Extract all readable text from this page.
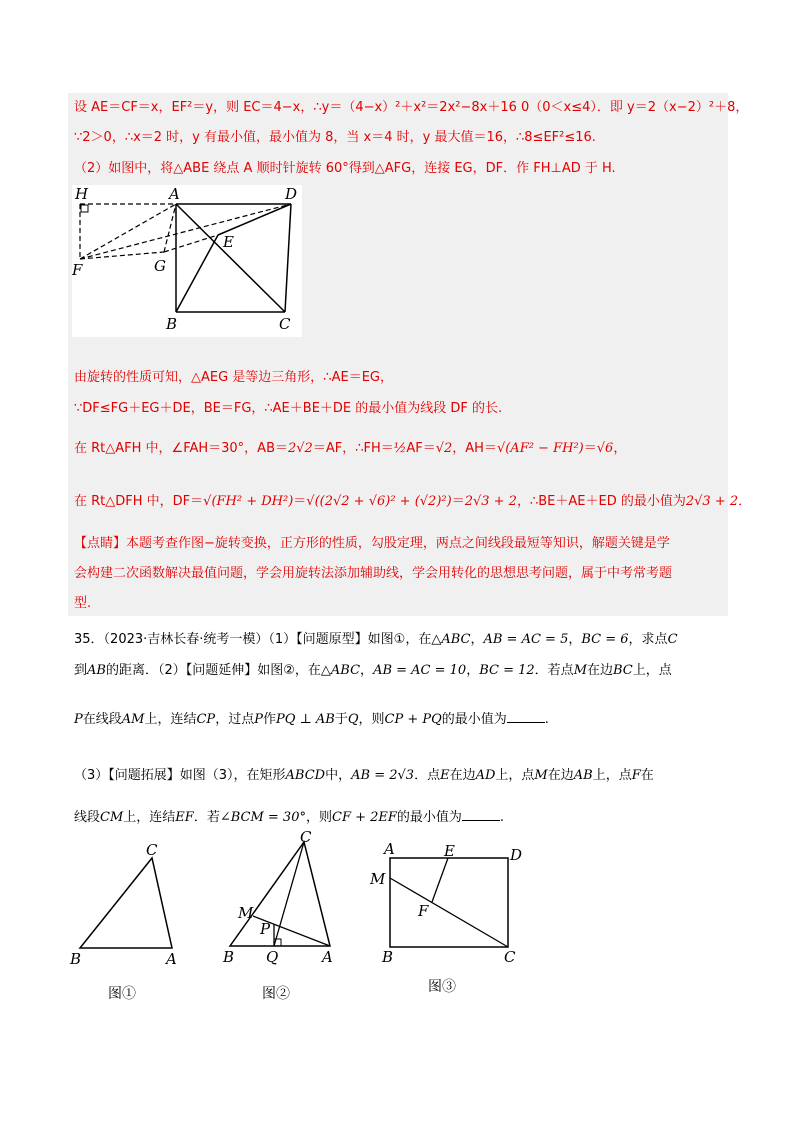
设 AE＝CF＝x，EF²＝y，则 EC＝4−x，∴y＝（4−x）²＋x²＝2x²−8x＋16 0（0＜x≤4）．即 y＝2（x−2）²＋8，
∵2＞0，∴x＝2 时，y 有最小值，最小值为 8，当 x＝4 时，y 最大值＝16，∴8≤EF²≤16.
（2）如图中，将△ABE 绕点 A 顺时针旋转 60°得到△AFG，连接 EG，DF．作 FH⊥AD 于 H.
H	A	D
E
F	G
B	C
由旋转的性质可知，△AEG 是等边三角形，∴AE＝EG，
∵DF≤FG＋EG＋DE，BE＝FG，∴AE＋BE＋DE 的最小值为线段 DF 的长.
在 Rt△AFH 中，∠FAH＝30°，AB＝2√2＝AF，∴FH＝½AF＝√2，AH＝√(AF² − FH²)＝√6，
在 Rt△DFH 中，DF＝√(FH² + DH²)＝√((2√2 + √6)² + (√2)²)＝2√3 + 2，∴BE＋AE＋ED 的最小值为2√3 + 2．
【点睛】本题考查作图−旋转变换，正方形的性质，勾股定理，两点之间线段最短等知识，解题关键是学
会构建二次函数解决最值问题，学会用旋转法添加辅助线，学会用转化的思想思考问题，属于中考常考题
型.
35．（2023·吉林长春·统考一模）（1）【问题原型】如图①，在△ABC，AB = AC = 5，BC = 6，求点C
到AB的距离．（2）【问题延伸】如图②，在△ABC，AB = AC = 10，BC = 12．若点M在边BC上，点
P在线段AM上，连结CP，过点P作PQ ⊥ AB于Q，则CP + PQ的最小值为	.
（3）【问题拓展】如图（3），在矩形ABCD中，AB = 2√3．点E在边AD上，点M在边AB上，点F在
线段CM上，连结EF．若∠BCM = 30°，则CF + 2EF的最小值为	.
C
B	A
图①
C
M
P
B Q	A
图②
A	E	D
M
F
B	C
图③
